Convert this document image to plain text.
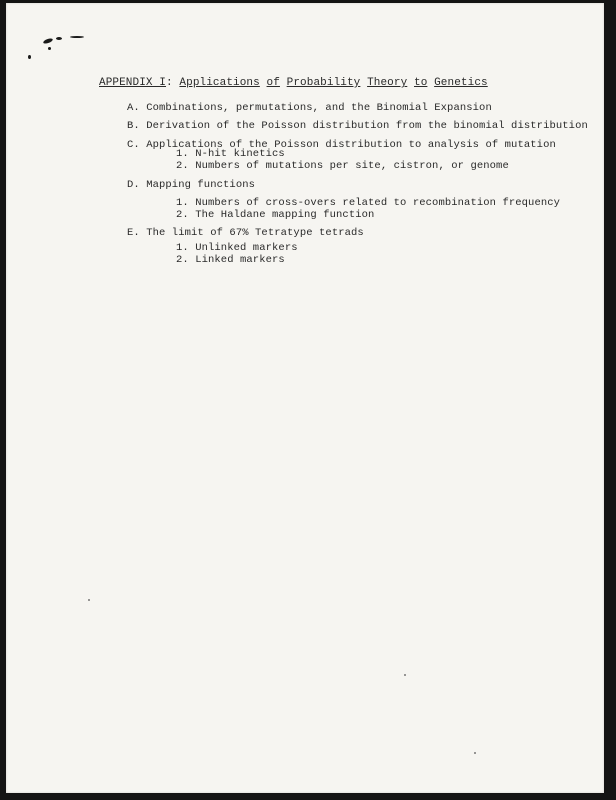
APPENDIX I: Applications of Probability Theory to Genetics
A. Combinations, permutations, and the Binomial Expansion
B. Derivation of the Poisson distribution from the binomial distribution
C. Applications of the Poisson distribution to analysis of mutation
1. N-hit kinetics
2. Numbers of mutations per site, cistron, or genome
D. Mapping functions
1. Numbers of cross-overs related to recombination frequency
2. The Haldane mapping function
E. The limit of 67% Tetratype tetrads
1. Unlinked markers
2. Linked markers
